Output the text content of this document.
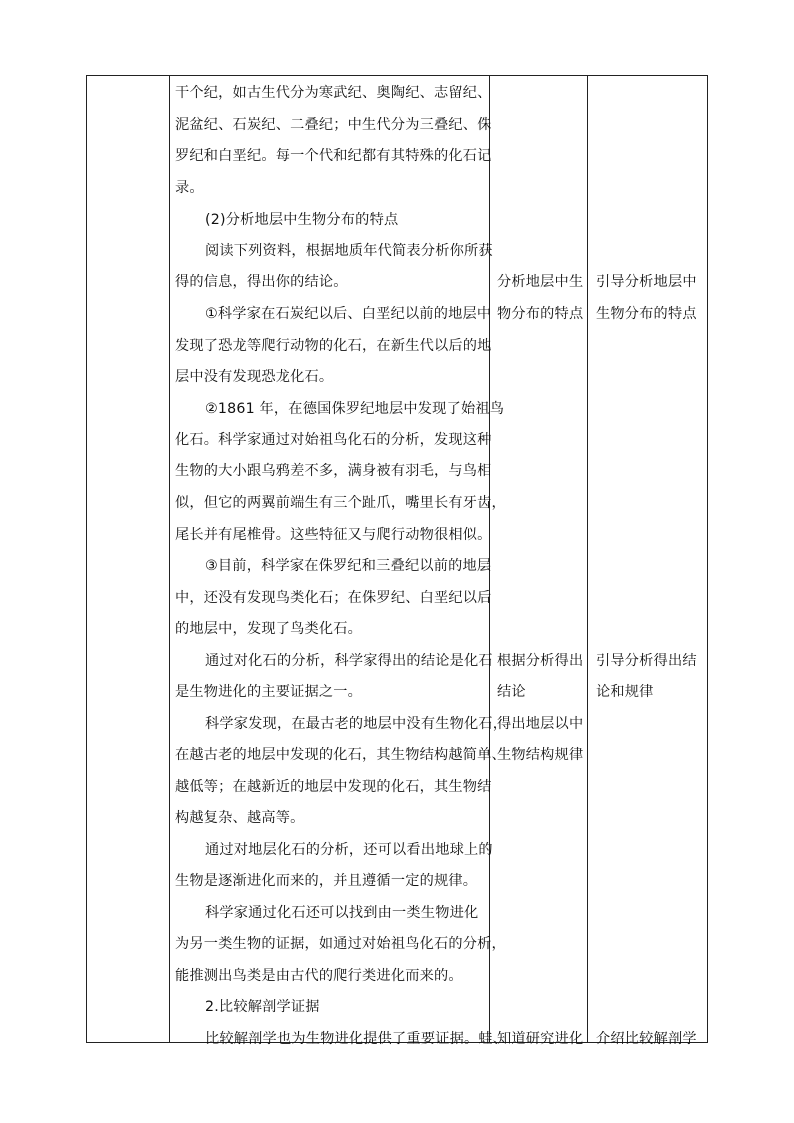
干个纪，如古生代分为寒武纪、奥陶纪、志留纪、
泥盆纪、石炭纪、二叠纪；中生代分为三叠纪、侏
罗纪和白垩纪。每一个代和纪都有其特殊的化石记
录。
(2)分析地层中生物分布的特点
阅读下列资料，根据地质年代简表分析你所获
得的信息，得出你的结论。
①科学家在石炭纪以后、白垩纪以前的地层中
发现了恐龙等爬行动物的化石，在新生代以后的地
层中没有发现恐龙化石。
②1861 年，在德国侏罗纪地层中发现了始祖鸟
化石。科学家通过对始祖鸟化石的分析，发现这种
生物的大小跟乌鸦差不多，满身被有羽毛，与鸟相
似，但它的两翼前端生有三个趾爪，嘴里长有牙齿，
尾长并有尾椎骨。这些特征又与爬行动物很相似。
③目前，科学家在侏罗纪和三叠纪以前的地层
中，还没有发现鸟类化石；在侏罗纪、白垩纪以后
的地层中，发现了鸟类化石。
通过对化石的分析，科学家得出的结论是化石
是生物进化的主要证据之一。
科学家发现，在最古老的地层中没有生物化石，
在越古老的地层中发现的化石，其生物结构越简单、
越低等；在越新近的地层中发现的化石，其生物结
构越复杂、越高等。
通过对地层化石的分析，还可以看出地球上的
生物是逐渐进化而来的，并且遵循一定的规律。
科学家通过化石还可以找到由一类生物进化
为另一类生物的证据，如通过对始祖鸟化石的分析，
能推测出鸟类是由古代的爬行类进化而来的。
2.比较解剖学证据
比较解剖学也为生物进化提供了重要证据。蛙、
分析地层中生
物分布的特点
根据分析得出
结论
得出地层以中
生物结构规律
知道研究进化
引导分析地层中
生物分布的特点
引导分析得出结
论和规律
介绍比较解剖学
